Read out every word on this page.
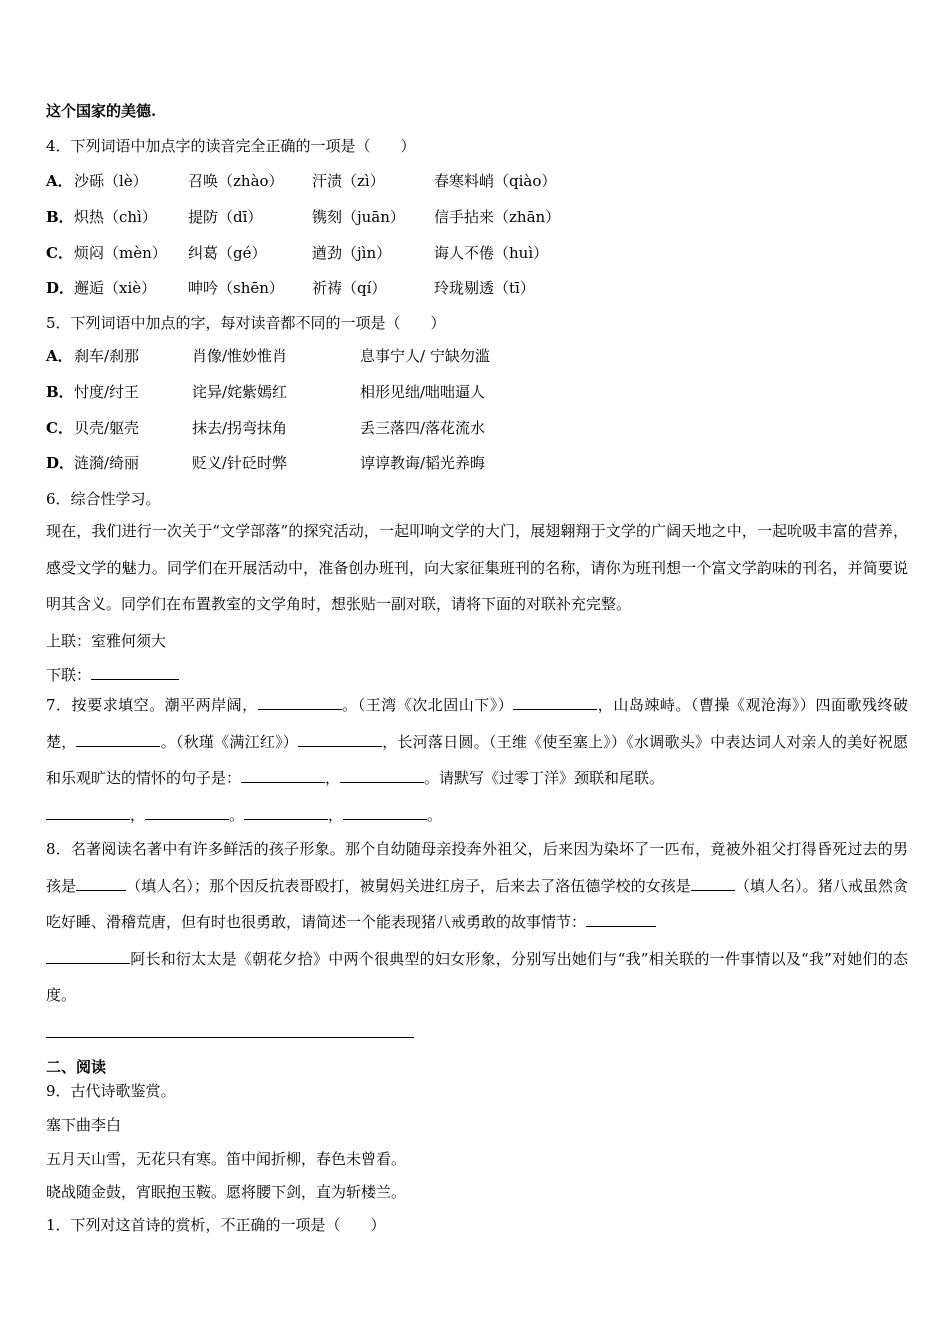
这个国家的美德.
4．下列词语中加点字的读音完全正确的一项是（　　）
A． 沙砾（lè）	召唤（zhào） 汗渍（zì）	春寒料峭（qiào）
B． 炽热（chì） 提防（dī）	镌刻（juān） 信手拈来（zhān）
C． 烦闷（mèn） 纠葛（gé）	遒劲（jìn）	诲人不倦（huì）
D． 邂逅（xiè） 呻吟（shēn） 祈祷（qí）	玲珑剔透（tī）
5．下列词语中加点的字，每对读音都不同的一项是（　　）
A． 刹车/刹那	肖像/惟妙惟肖	息事宁人/ 宁缺勿滥
B． 忖度/纣王	诧异/姹紫嫣红	相形见绌/咄咄逼人
C． 贝壳/躯壳	抹去/拐弯抹角	丢三落四/落花流水
D． 涟漪/绮丽	贬义/针砭时弊	谆谆教诲/韬光养晦
6．综合性学习。
现在，我们进行一次关于“文学部落”的探究活动，一起叩响文学的大门，展翅翱翔于文学的广阔天地之中，一起吮吸丰富的营养，感受文学的魅力。同学们在开展活动中，准备创办班刊，向大家征集班刊的名称，请你为班刊想一个富文学韵味的刊名，并简要说明其含义。同学们在布置教室的文学角时，想张贴一副对联，请将下面的对联补充完整。
上联：室雅何须大
下联：
7．按要求填空。潮平两岸阔，	。（王湾《次北固山下》）	，山岛竦峙。（曹操《观沧海》）四面歌残终破楚，	。（秋瑾《满江红》）	，长河落日圆。（王维《使至塞上》）《水调歌头》中表达词人对亲人的美好祝愿和乐观旷达的情怀的句子是：	，	。请默写《过零丁洋》颈联和尾联。
，	。	，	。
8．名著阅读名著中有许多鲜活的孩子形象。那个自幼随母亲投奔外祖父，后来因为染坏了一匹布，竟被外祖父打得昏死过去的男孩是	（填人名）；那个因反抗表哥殴打，被舅妈关进红房子，后来去了洛伍德学校的女孩是	（填人名）。猪八戒虽然贪吃好睡、滑稽荒唐，但有时也很勇敢，请简述一个能表现猪八戒勇敢的故事情节：
阿长和衍太太是《朝花夕拾》中两个很典型的妇女形象，分别写出她们与“我”相关联的一件事情以及“我”对她们的态度。
二、阅读
9．古代诗歌鉴赏。
塞下曲李白
五月天山雪，无花只有寒。笛中闻折柳，春色未曾看。
晓战随金鼓，宵眠抱玉鞍。愿将腰下剑，直为斩楼兰。
1．下列对这首诗的赏析，不正确的一项是（　　）
